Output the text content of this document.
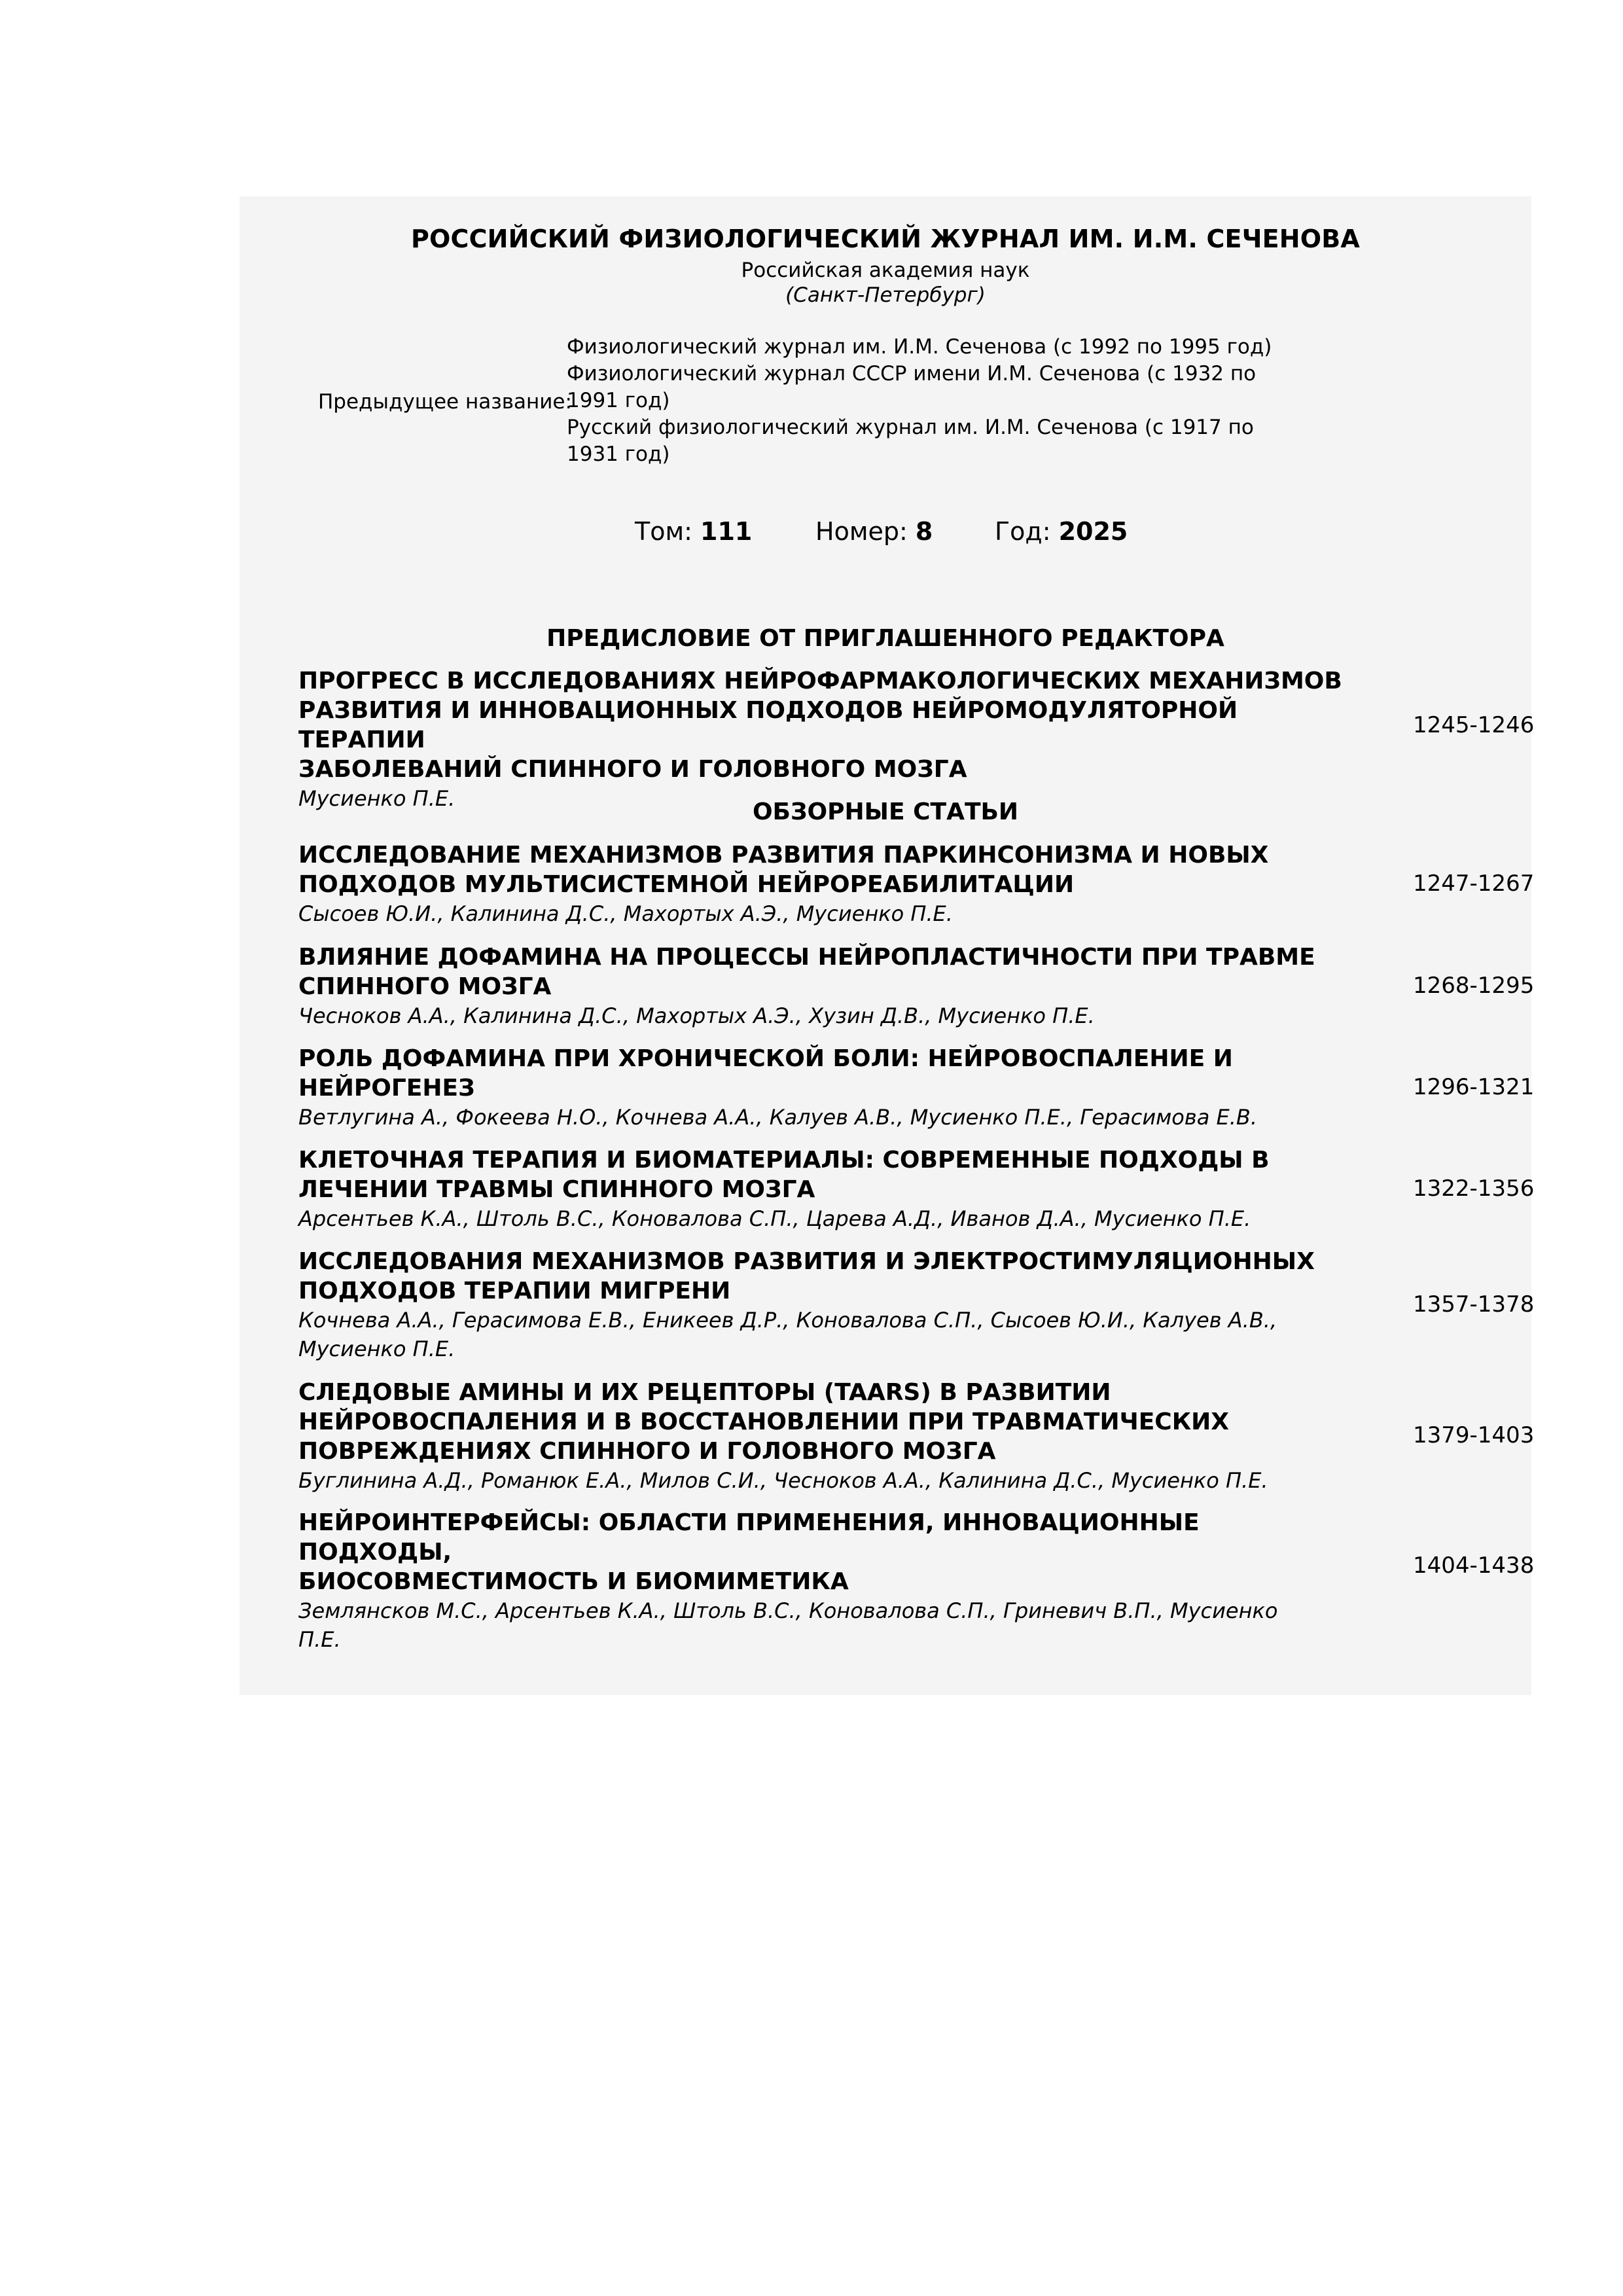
РОССИЙСКИЙ ФИЗИОЛОГИЧЕСКИЙ ЖУРНАЛ ИМ. И.М. СЕЧЕНОВА
Российская академия наук
(Санкт-Петербург)
Предыдущее название:
Физиологический журнал им. И.М. Сеченова (с 1992 по 1995 год)
Физиологический журнал СССР имени И.М. Сеченова (с 1932 по 1991 год)
Русский физиологический журнал им. И.М. Сеченова (с 1917 по 1931 год)
Том: 111	Номер: 8 Год: 2025
ПРЕДИСЛОВИЕ ОТ ПРИГЛАШЕННОГО РЕДАКТОРА
ПРОГРЕСС В ИССЛЕДОВАНИЯХ НЕЙРОФАРМАКОЛОГИЧЕСКИХ МЕХАНИЗМОВ
РАЗВИТИЯ И ИННОВАЦИОННЫХ ПОДХОДОВ НЕЙРОМОДУЛЯТОРНОЙ ТЕРАПИИ
ЗАБОЛЕВАНИЙ СПИННОГО И ГОЛОВНОГО МОЗГА
Мусиенко П.Е.
1245-1246
ОБЗОРНЫЕ СТАТЬИ
ИССЛЕДОВАНИЕ МЕХАНИЗМОВ РАЗВИТИЯ ПАРКИНСОНИЗМА И НОВЫХ
ПОДХОДОВ МУЛЬТИСИСТЕМНОЙ НЕЙРОРЕАБИЛИТАЦИИ
Сысоев Ю.И., Калинина Д.С., Махортых А.Э., Мусиенко П.Е.
1247-1267
ВЛИЯНИЕ ДОФАМИНА НА ПРОЦЕССЫ НЕЙРОПЛАСТИЧНОСТИ ПРИ ТРАВМЕ
СПИННОГО МОЗГА
Чесноков А.А., Калинина Д.С., Махортых А.Э., Хузин Д.В., Мусиенко П.Е.
1268-1295
РОЛЬ ДОФАМИНА ПРИ ХРОНИЧЕСКОЙ БОЛИ: НЕЙРОВОСПАЛЕНИЕ И
НЕЙРОГЕНЕЗ
Ветлугина А., Фокеева Н.О., Кочнева А.А., Калуев А.В., Мусиенко П.Е., Герасимова Е.В.
1296-1321
КЛЕТОЧНАЯ ТЕРАПИЯ И БИОМАТЕРИАЛЫ: СОВРЕМЕННЫЕ ПОДХОДЫ В
ЛЕЧЕНИИ ТРАВМЫ СПИННОГО МОЗГА
Арсентьев К.А., Штоль В.С., Коновалова С.П., Царева А.Д., Иванов Д.А., Мусиенко П.Е.
1322-1356
ИССЛЕДОВАНИЯ МЕХАНИЗМОВ РАЗВИТИЯ И ЭЛЕКТРОСТИМУЛЯЦИОННЫХ
ПОДХОДОВ ТЕРАПИИ МИГРЕНИ
Кочнева А.А., Герасимова Е.В., Еникеев Д.Р., Коновалова С.П., Сысоев Ю.И., Калуев А.В.,
Мусиенко П.Е.
1357-1378
СЛЕДОВЫЕ АМИНЫ И ИХ РЕЦЕПТОРЫ (TAARS) В РАЗВИТИИ
НЕЙРОВОСПАЛЕНИЯ И В ВОССТАНОВЛЕНИИ ПРИ ТРАВМАТИЧЕСКИХ
ПОВРЕЖДЕНИЯХ СПИННОГО И ГОЛОВНОГО МОЗГА
Буглинина А.Д., Романюк Е.А., Милов С.И., Чесноков А.А., Калинина Д.С., Мусиенко П.Е.
1379-1403
НЕЙРОИНТЕРФЕЙСЫ: ОБЛАСТИ ПРИМЕНЕНИЯ, ИННОВАЦИОННЫЕ ПОДХОДЫ,
БИОСОВМЕСТИМОСТЬ И БИОМИМЕТИКА
Землянсков М.С., Арсентьев К.А., Штоль В.С., Коновалова С.П., Гриневич В.П., Мусиенко
П.Е.
1404-1438
